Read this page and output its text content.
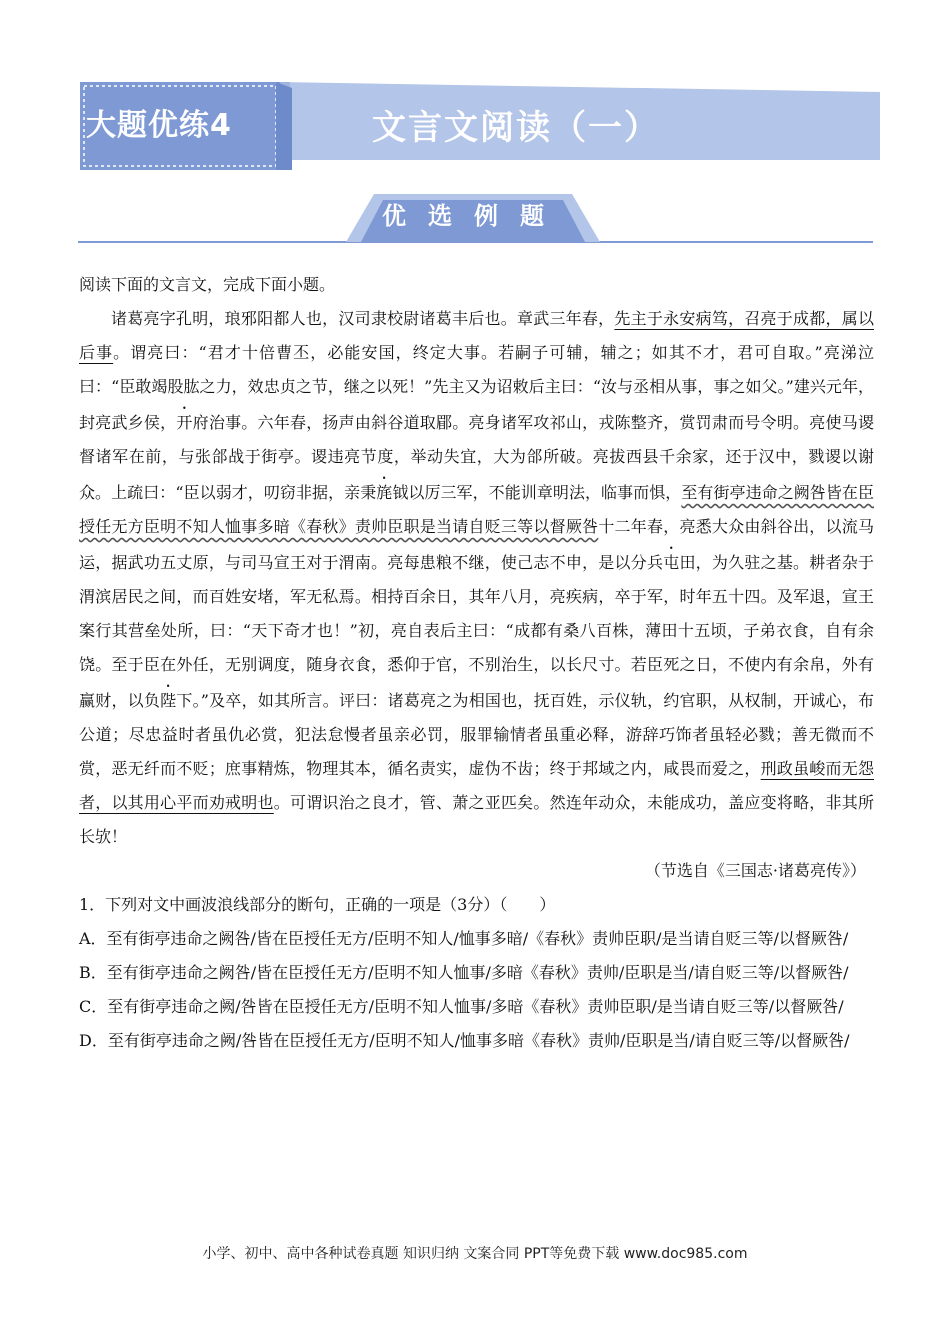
大题优练4	文言文阅读（一）
优选例题

阅读下面的文言文，完成下面小题。

诸葛亮字孔明，琅邪阳都人也，汉司隶校尉诸葛丰后也。章武三年春，先主于永安病笃，召亮于成都，属以后事。谓亮曰：“君才十倍曹丕，必能安国，终定大事。若嗣子可辅，辅之；如其不才，君可自取。”亮涕泣曰：“臣敢竭股肱之力，效忠贞之节，继之以死！”先主又为诏敕后主曰：“汝与丞相从事，事之如父。”建兴元年，封亮武乡侯，开府治事。六年春，扬声由斜谷道取郿。亮身诸军攻祁山，戎陈整齐，赏罚肃而号令明。亮使马谡督诸军在前，与张郃战于街亭。谡违亮节度，举动失宜，大为郃所破。亮拔西县千余家，还于汉中，戮谡以谢众。上疏曰：“臣以弱才，叨窃非据，亲秉旄钺以厉三军，不能训章明法，临事而惧，至有街亭违命之阙咎皆在臣授任无方臣明不知人恤事多暗《春秋》责帅臣职是当请自贬三等以督厥咎十二年春，亮悉大众由斜谷出，以流马运，据武功五丈原，与司马宣王对于渭南。亮每患粮不继，使己志不申，是以分兵屯田，为久驻之基。耕者杂于渭滨居民之间，而百姓安堵，军无私焉。相持百余日，其年八月，亮疾病，卒于军，时年五十四。及军退，宣王案行其营垒处所，曰：“天下奇才也！”初，亮自表后主曰：“成都有桑八百株，薄田十五顷，子弟衣食，自有余饶。至于臣在外任，无别调度，随身衣食，悉仰于官，不别治生，以长尺寸。若臣死之日，不使内有余帛，外有赢财，以负陛下。”及卒，如其所言。评曰：诸葛亮之为相国也，抚百姓，示仪轨，约官职，从权制，开诚心，布公道；尽忠益时者虽仇必赏，犯法怠慢者虽亲必罚，服罪输情者虽重必释，游辞巧饰者虽轻必戮；善无微而不赏，恶无纤而不贬；庶事精炼，物理其本，循名责实，虚伪不齿；终于邦域之内，咸畏而爱之，刑政虽峻而无怨者，以其用心平而劝戒明也。可谓识治之良才，管、萧之亚匹矣。然连年动众，未能成功，盖应变将略，非其所长欤！

（节选自《三国志·诸葛亮传》）

1．下列对文中画波浪线部分的断句，正确的一项是（3分）（　　）

A．至有街亭违命之阙咎/皆在臣授任无方/臣明不知人/恤事多暗/《春秋》责帅臣职/是当请自贬三等/以督厥咎/

B．至有街亭违命之阙咎/皆在臣授任无方/臣明不知人恤事/多暗《春秋》责帅/臣职是当/请自贬三等/以督厥咎/

C．至有街亭违命之阙/咎皆在臣授任无方/臣明不知人恤事/多暗《春秋》责帅臣职/是当请自贬三等/以督厥咎/

D．至有街亭违命之阙/咎皆在臣授任无方/臣明不知人/恤事多暗《春秋》责帅/臣职是当/请自贬三等/以督厥咎/

小学、初中、高中各种试卷真题 知识归纳 文案合同 PPT等免费下载 www.doc985.com
